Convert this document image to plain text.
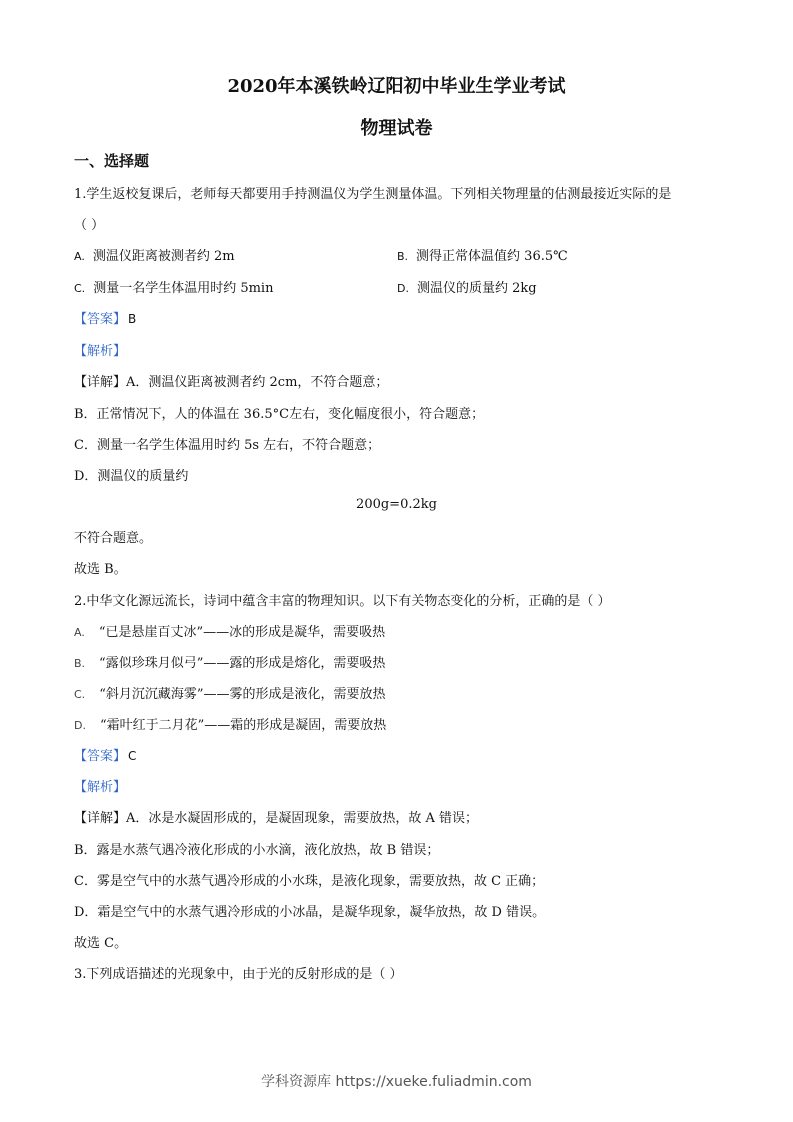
2020年本溪铁岭辽阳初中毕业生学业考试
物理试卷
一、选择题

1.学生返校复课后，老师每天都要用手持测温仪为学生测量体温。下列相关物理量的估测最接近实际的是

（ ）

A. 测温仪距离被测者约 2m	B. 测得正常体温值约 36.5℃
C. 测量一名学生体温用时约 5min	D. 测温仪的质量约 2kg

【答案】 B

【解析】

【详解】A．测温仪距离被测者约 2cm，不符合题意；

B．正常情况下，人的体温在 36.5°C左右，变化幅度很小，符合题意；

C．测量一名学生体温用时约 5s 左右，不符合题意；

D．测温仪的质量约

200g=0.2kg

不符合题意。

故选 B。

2.中华文化源远流长，诗词中蕴含丰富的物理知识。以下有关物态变化的分析，正确的是（ ）

A. “已是悬崖百丈冰”——冰的形成是凝华，需要吸热
B. “露似珍珠月似弓”——露的形成是熔化，需要吸热
C. “斜月沉沉藏海雾”——雾的形成是液化，需要放热
D. “霜叶红于二月花”——霜的形成是凝固，需要放热

【答案】 C

【解析】

【详解】A．冰是水凝固形成的，是凝固现象，需要放热，故 A 错误；

B．露是水蒸气遇冷液化形成的小水滴，液化放热，故 B 错误；

C．雾是空气中的水蒸气遇冷形成的小水珠，是液化现象，需要放热，故 C 正确；

D．霜是空气中的水蒸气遇冷形成的小冰晶，是凝华现象，凝华放热，故 D 错误。

故选 C。

3.下列成语描述的光现象中，由于光的反射形成的是（ ）

学科资源库 https://xueke.fuliadmin.com
